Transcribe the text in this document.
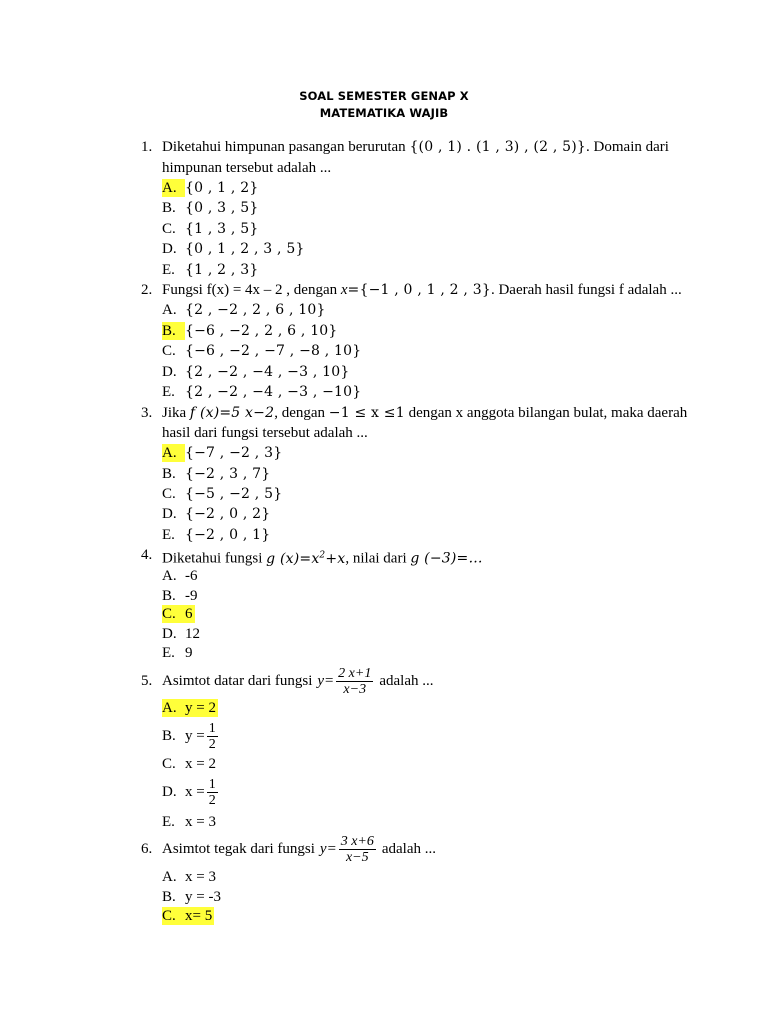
SOAL SEMESTER GENAP X
MATEMATIKA WAJIB
1. Diketahui himpunan pasangan berurutan {(0 , 1) . (1 , 3) , (2 , 5)}. Domain dari
himpunan tersebut adalah ...
A. {0 , 1 , 2}
B. {0 , 3 , 5}
C. {1 , 3 , 5}
D. {0 , 1 , 2 , 3 , 5}
E. {1 , 2 , 3}
2. Fungsi f(x) = 4x – 2 , dengan x={−1 , 0 , 1 , 2 , 3}. Daerah hasil fungsi f adalah ...
A. {2 , −2 , 2 , 6 , 10}
B. {−6 , −2 , 2 , 6 , 10}
C. {−6 , −2 , −7 , −8 , 10}
D. {2 , −2 , −4 , −3 , 10}
E. {2 , −2 , −4 , −3 , −10}
3. Jika f (x)=5 x−2, dengan −1 ≤ x ≤1 dengan x anggota bilangan bulat, maka daerah
hasil dari fungsi tersebut adalah ...
A. {−7 , −2 , 3}
B. {−2 , 3 , 7}
C. {−5 , −2 , 5}
D. {−2 , 0 , 2}
E. {−2 , 0 , 1}
4. Diketahui fungsi g $(x)=x^2+x$, nilai dari g (−3)=…
A. -6
B. -9
C. 6
D. 12
E. 9
5. Asimtot datar dari fungsi $y= \frac{2 x+1}{x-3}$ adalah ...
A. y = 2
B. $y = \frac{1}{2}$
C. x = 2
D. $x = \frac{1}{2}$
E. x = 3
6. Asimtot tegak dari fungsi $y= \frac{3 x+6}{x-5}$ adalah ...
A. x = 3
B. y = -3
C. x= 5
